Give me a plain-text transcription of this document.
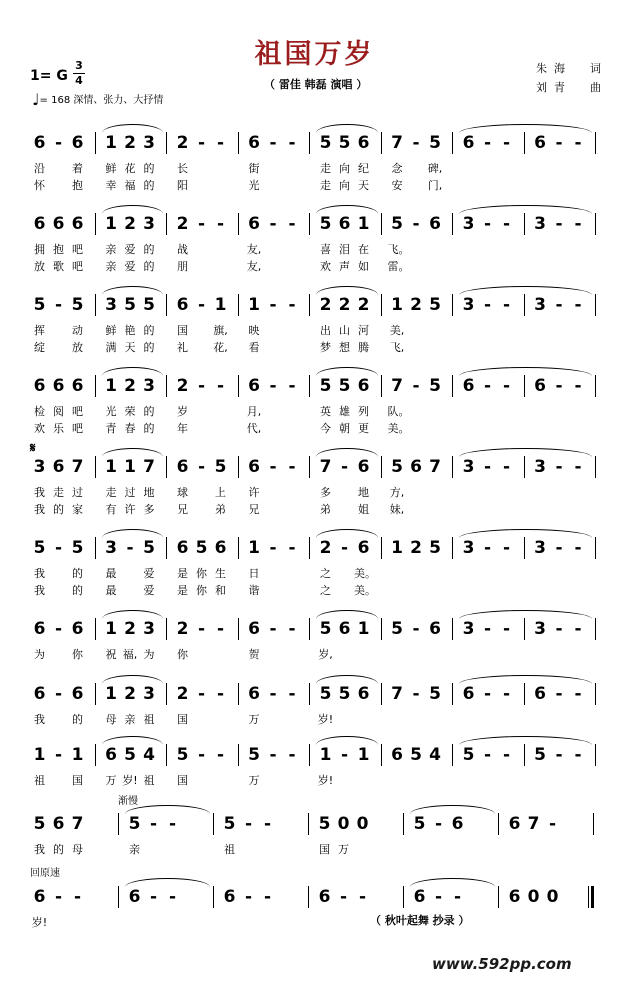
祖国万岁
（ 雷佳 韩磊 演唱 ）
朱海　词
刘青　曲
1= G
3
4
♩= 168 深情、张力、大抒情
6 - 6 1 2 3 2 - -	6 - -	5 5 6 7 - 5 6 - -	6 - -
沿	着	鲜 花 的	长	街	走 向 纪	念	碑,
怀	抱	幸 福 的	阳	光	走 向 天	安	门,
6 6 6 1 2 3 2 - -	6 - -	5 6 1 5 - 6 3 - -	3 - -
拥 抱 吧	亲 爱 的	战	友,	喜 泪 在	飞。
放 歌 吧	亲 爱 的	朋	友,	欢 声 如	雷。
5 - 5 3 5 5 6 - 1 1 - -	2 2 2 1 2 5 3 - -	3 - -
挥	动	鲜 艳 的	国	旗,	映	出 山 河	美,
绽	放	满 天 的	礼	花,	看	梦 想 腾	飞,
6 6 6 1 2 3 2 - -	6 - -	5 5 6 7 - 5 6 - -	6 - -
检 阅 吧	光 荣 的	岁	月,	英 雄 列	队。
欢 乐 吧	青 春 的	年	代,	今 朝 更	美。
3 6 7 1 1 7 6 - 5 6 - -	7 - 6 5 6 7 3 - -	3 - -
我 走 过	走 过 地	球	上	许	多	地	方,
我 的 家	有 许 多	兄	弟	兄	弟	姐	妹,
5 - 5 3 - 5 6 5 6 1 - -	2 - 6 1 2 5 3 - -	3 - -
我	的	最	爱	是 你 生	日	之	美。
我	的	最	爱	是 你 和	谐	之	美。
6 - 6 1 2 3 2 - -	6 - -	5 6 1 5 - 6 3 - -	3 - -
为	你	祝 福, 为	你	贺	岁,
6 - 6 1 2 3 2 - -	6 - -	5 5 6 7 - 5 6 - -	6 - -
我	的	母 亲 祖	国	万	岁!
1 - 1 6 5 4 5 - -	5 - -	1 - 1 6 5 4 5 - -	5 - -
祖	国	万 岁! 祖	国	万	岁!
5 6 7	5 - -	5 - -	5 0 0	5 - 6	6 7 -
我 的 母	亲	祖	国 万
6 - -	6 - -	6 - -	6 - -	6 - -	6 0 0
岁!
𝄋
渐慢
回原速
（ 秋叶起舞 抄录 ）
www.592pp.com
